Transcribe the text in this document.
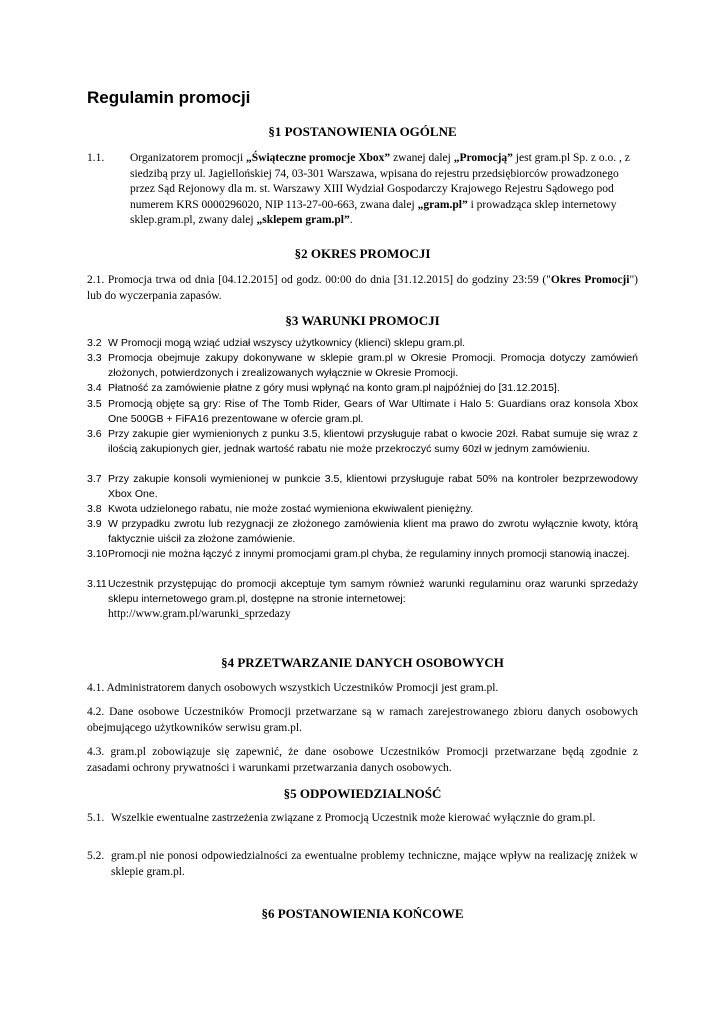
Regulamin promocji
§1 POSTANOWIENIA OGÓLNE
1.1. Organizatorem promocji „Świąteczne promocje Xbox” zwanej dalej „Promocją” jest gram.pl Sp. z o.o. , z siedzibą przy ul. Jagiellońskiej 74, 03-301 Warszawa, wpisana do rejestru przedsiębiorców prowadzonego przez Sąd Rejonowy dla m. st. Warszawy XIII Wydział Gospodarczy Krajowego Rejestru Sądowego pod numerem KRS 0000296020, NIP 113-27-00-663, zwana dalej „gram.pl” i prowadząca sklep internetowy sklep.gram.pl, zwany dalej „sklepem gram.pl”.
§2 OKRES PROMOCJI
2.1. Promocja trwa od dnia [04.12.2015] od godz. 00:00 do dnia [31.12.2015] do godziny 23:59 ("Okres Promocji") lub do wyczerpania zapasów.
§3 WARUNKI PROMOCJI
3.2 W Promocji mogą wziąć udział wszyscy użytkownicy (klienci) sklepu gram.pl.
3.3 Promocja obejmuje zakupy dokonywane w sklepie gram.pl w Okresie Promocji. Promocja dotyczy zamówień złożonych, potwierdzonych i zrealizowanych wyłącznie w Okresie Promocji.
3.4 Płatność za zamówienie płatne z góry musi wpłynąć na konto gram.pl najpóźniej do [31.12.2015].
3.5 Promocją objęte są gry: Rise of The Tomb Rider, Gears of War Ultimate i Halo 5: Guardians oraz konsola Xbox One 500GB + FiFA16 prezentowane w ofercie gram.pl.
3.6 Przy zakupie gier wymienionych z punku 3.5, klientowi przysługuje rabat o kwocie 20zł. Rabat sumuje się wraz z ilością zakupionych gier, jednak wartość rabatu nie może przekroczyć sumy 60zł w jednym zamówieniu.
3.7 Przy zakupie konsoli wymienionej w punkcie 3.5, klientowi przysługuje rabat 50% na kontroler bezprzewodowy Xbox One.
3.8 Kwota udzielonego rabatu, nie może zostać wymieniona ekwiwalent pieniężny.
3.9 W przypadku zwrotu lub rezygnacji ze złożonego zamówienia klient ma prawo do zwrotu wyłącznie kwoty, którą faktycznie uiścił za złożone zamówienie.
3.10 Promocji nie można łączyć z innymi promocjami gram.pl chyba, że regulaminy innych promocji stanowią inaczej.
3.11 Uczestnik przystępując do promocji akceptuje tym samym również warunki regulaminu oraz warunki sprzedaży sklepu internetowego gram.pl, dostępne na stronie internetowej:
http://www.gram.pl/warunki_sprzedazy
§4 PRZETWARZANIE DANYCH OSOBOWYCH
4.1. Administratorem danych osobowych wszystkich Uczestników Promocji jest gram.pl.
4.2. Dane osobowe Uczestników Promocji przetwarzane są w ramach zarejestrowanego zbioru danych osobowych obejmującego użytkowników serwisu gram.pl.
4.3. gram.pl zobowiązuje się zapewnić, że dane osobowe Uczestników Promocji przetwarzane będą zgodnie z zasadami ochrony prywatności i warunkami przetwarzania danych osobowych.
§5 ODPOWIEDZIALNOŚĆ
5.1. Wszelkie ewentualne zastrzeżenia związane z Promocją Uczestnik może kierować wyłącznie do gram.pl.
5.2. gram.pl nie ponosi odpowiedzialności za ewentualne problemy techniczne, mające wpływ na realizację zniżek w sklepie gram.pl.
§6 POSTANOWIENIA KOŃCOWE
